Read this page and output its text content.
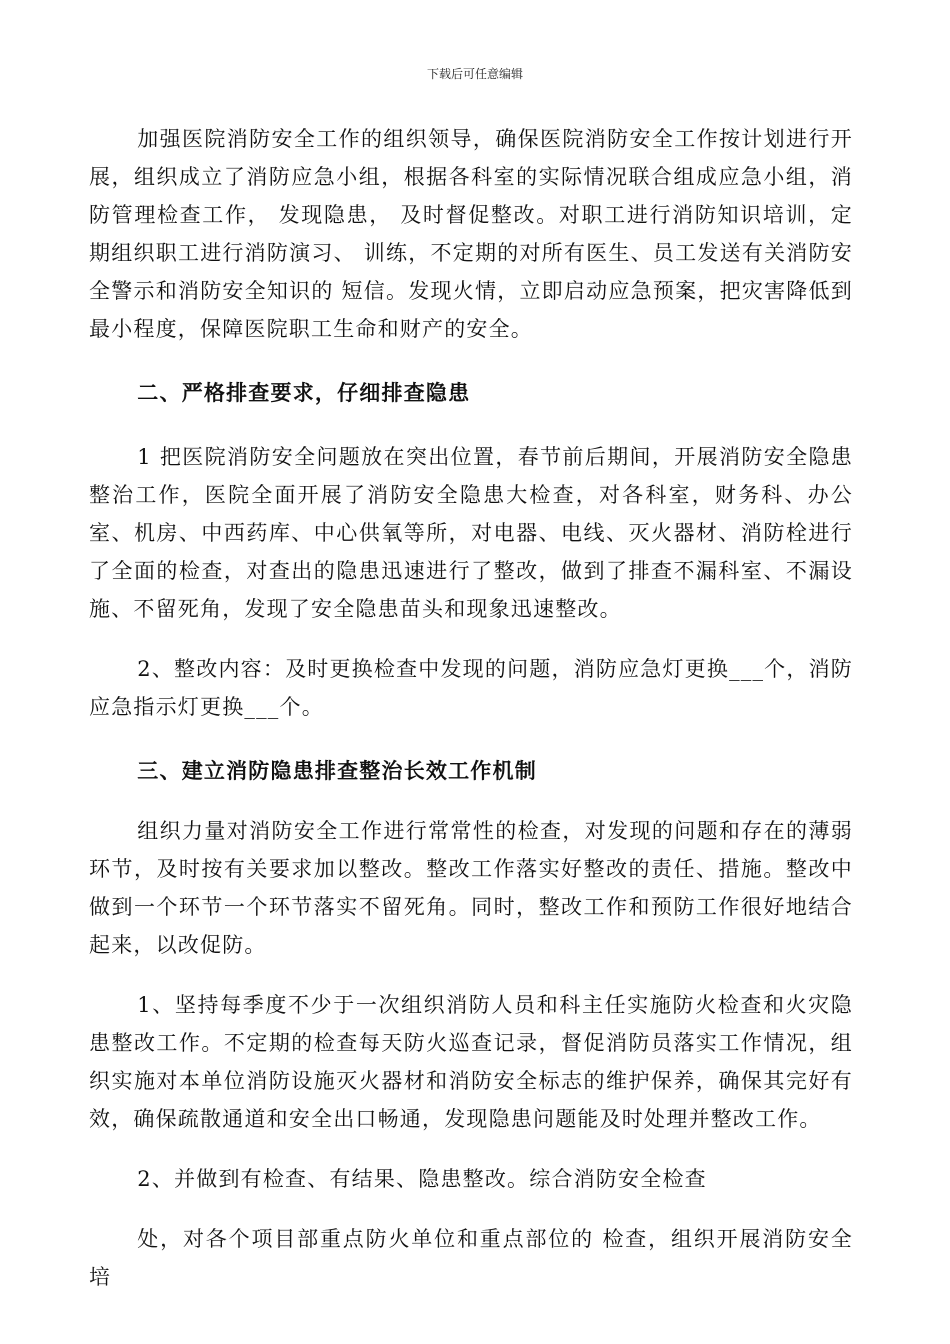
下载后可任意编辑

加强医院消防安全工作的组织领导，确保医院消防安全工作按计划进行开展，组织成立了消防应急小组，根据各科室的实际情况联合组成应急小组，消防管理检查工作， 发现隐患， 及时督促整改。对职工进行消防知识培训，定期组织职工进行消防演习、 训练，不定期的对所有医生、员工发送有关消防安全警示和消防安全知识的 短信。发现火情，立即启动应急预案，把灾害降低到最小程度，保障医院职工生命和财产的安全。

二、严格排查要求，仔细排查隐患

1 把医院消防安全问题放在突出位置，春节前后期间，开展消防安全隐患整治工作，医院全面开展了消防安全隐患大检查，对各科室，财务科、办公室、机房、中西药库、中心供氧等所，对电器、电线、灭火器材、消防栓进行了全面的检查，对查出的隐患迅速进行了整改，做到了排查不漏科室、不漏设施、不留死角，发现了安全隐患苗头和现象迅速整改。

2、整改内容：及时更换检查中发现的问题，消防应急灯更换___个，消防应急指示灯更换___个。

三、建立消防隐患排查整治长效工作机制

组织力量对消防安全工作进行常常性的检查，对发现的问题和存在的薄弱环节，及时按有关要求加以整改。整改工作落实好整改的责任、措施。整改中做到一个环节一个环节落实不留死角。同时，整改工作和预防工作很好地结合起来，以改促防。

1、坚持每季度不少于一次组织消防人员和科主任实施防火检查和火灾隐患整改工作。不定期的检查每天防火巡查记录，督促消防员落实工作情况，组织实施对本单位消防设施灭火器材和消防安全标志的维护保养，确保其完好有效，确保疏散通道和安全出口畅通，发现隐患问题能及时处理并整改工作。

2、并做到有检查、有结果、隐患整改。综合消防安全检查

处，对各个项目部重点防火单位和重点部位的 检查，组织开展消防安全培
